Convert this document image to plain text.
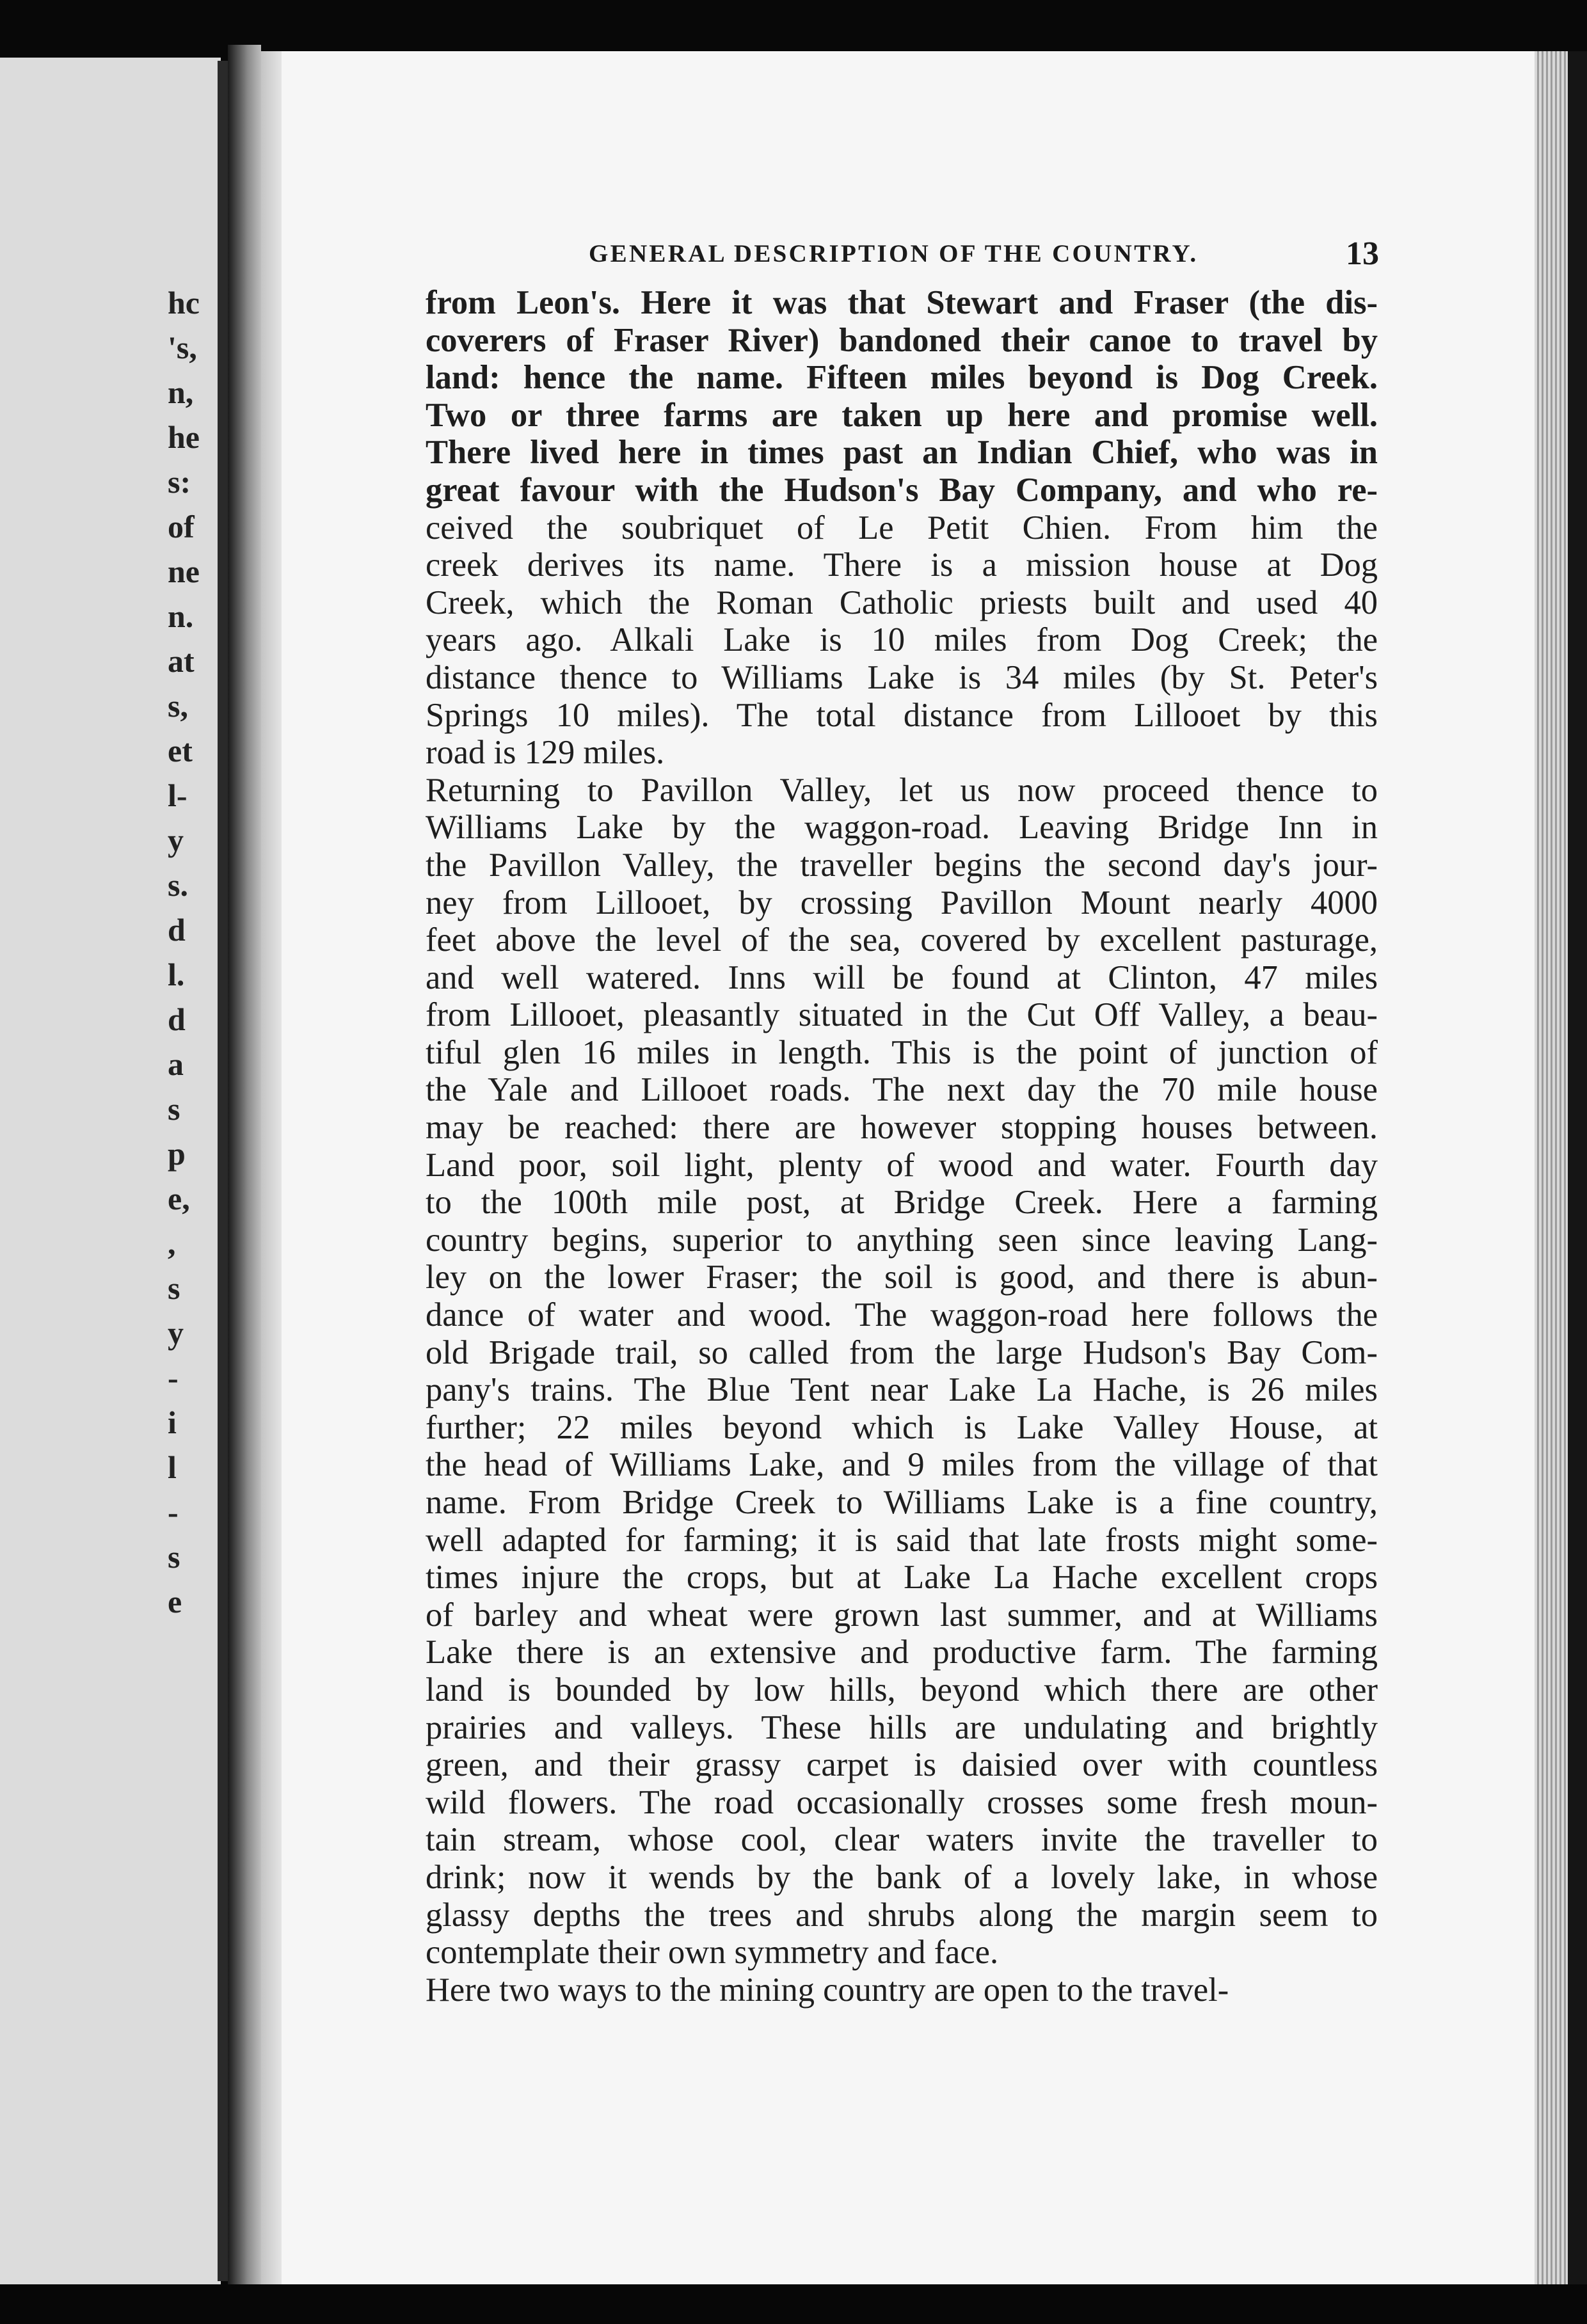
hc
's,
n,
he
s:
of
ne
n.
at
s,
et
l-
y
s.
d
l.
d
a
s
p
e,
,
s
y
-
i
l
-
s
e
GENERAL DESCRIPTION OF THE COUNTRY.	13

from Leon's. Here it was that Stewart and Fraser (the dis-
coverers of Fraser River) bandoned their canoe to travel by
land: hence the name. Fifteen miles beyond is Dog Creek.
Two or three farms are taken up here and promise well.
There lived here in times past an Indian Chief, who was in
great favour with the Hudson's Bay Company, and who re-
ceived the soubriquet of Le Petit Chien. From him the
creek derives its name. There is a mission house at Dog
Creek, which the Roman Catholic priests built and used 40
years ago. Alkali Lake is 10 miles from Dog Creek; the
distance thence to Williams Lake is 34 miles (by St. Peter's
Springs 10 miles). The total distance from Lillooet by this
road is 129 miles.

Returning to Pavillon Valley, let us now proceed thence to
Williams Lake by the waggon-road. Leaving Bridge Inn in
the Pavillon Valley, the traveller begins the second day's jour-
ney from Lillooet, by crossing Pavillon Mount nearly 4000
feet above the level of the sea, covered by excellent pasturage,
and well watered. Inns will be found at Clinton, 47 miles
from Lillooet, pleasantly situated in the Cut Off Valley, a beau-
tiful glen 16 miles in length. This is the point of junction of
the Yale and Lillooet roads. The next day the 70 mile house
may be reached: there are however stopping houses between.
Land poor, soil light, plenty of wood and water. Fourth day
to the 100th mile post, at Bridge Creek. Here a farming
country begins, superior to anything seen since leaving Lang-
ley on the lower Fraser; the soil is good, and there is abun-
dance of water and wood. The waggon-road here follows the
old Brigade trail, so called from the large Hudson's Bay Com-
pany's trains. The Blue Tent near Lake La Hache, is 26 miles
further; 22 miles beyond which is Lake Valley House, at
the head of Williams Lake, and 9 miles from the village of that
name. From Bridge Creek to Williams Lake is a fine country,
well adapted for farming; it is said that late frosts might some-
times injure the crops, but at Lake La Hache excellent crops
of barley and wheat were grown last summer, and at Williams
Lake there is an extensive and productive farm. The farming
land is bounded by low hills, beyond which there are other
prairies and valleys. These hills are undulating and brightly
green, and their grassy carpet is daisied over with countless
wild flowers. The road occasionally crosses some fresh moun-
tain stream, whose cool, clear waters invite the traveller to
drink; now it wends by the bank of a lovely lake, in whose
glassy depths the trees and shrubs along the margin seem to
contemplate their own symmetry and face.

Here two ways to the mining country are open to the travel-
